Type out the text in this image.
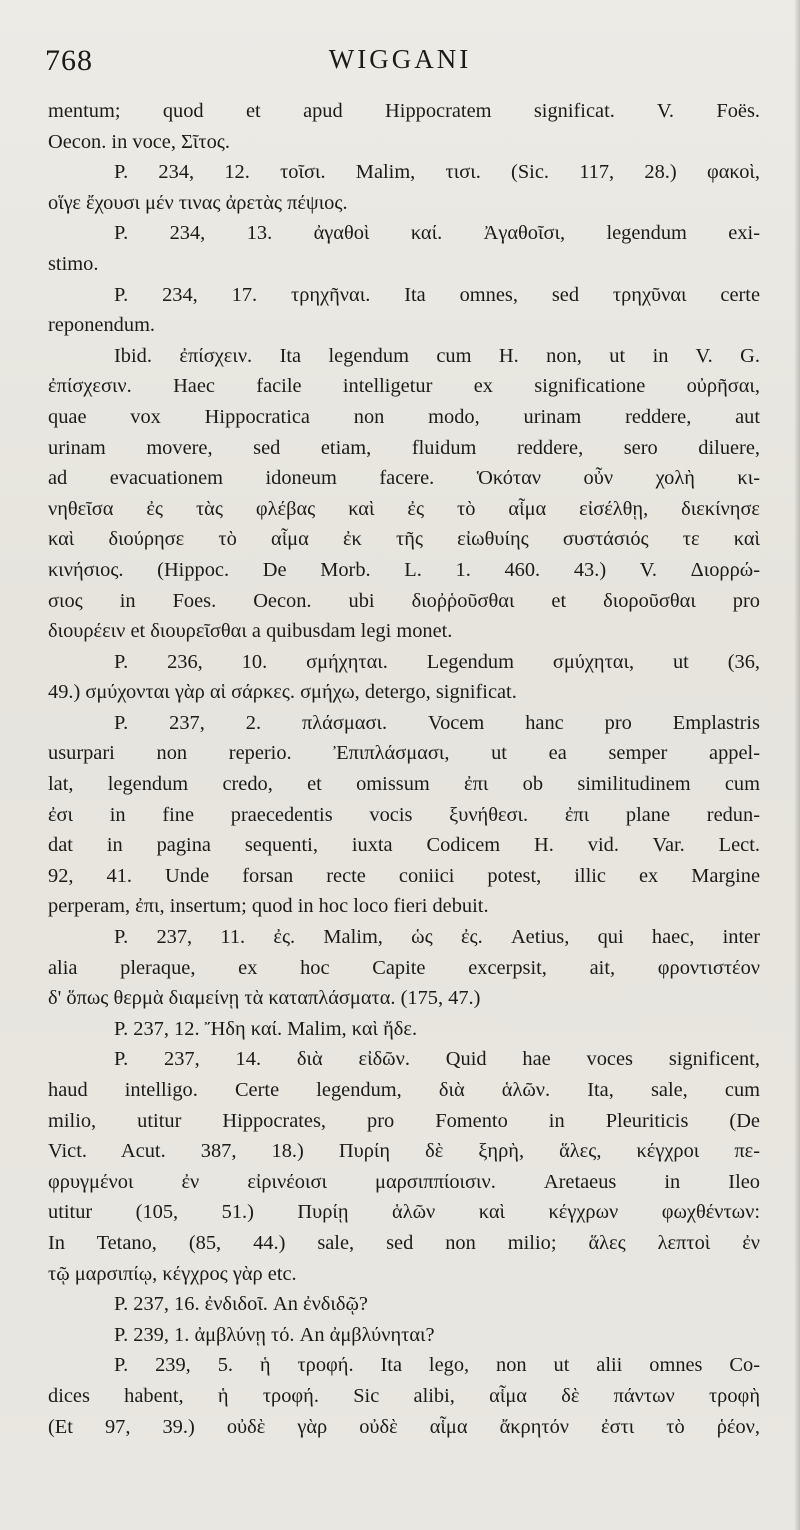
768	WIGGANI
mentum; quod et apud Hippocratem significat. V. Foës.
Oecon. in voce, Σῖτος.
P. 234, 12. τοῖσι. Malim, τισι. (Sic. 117, 28.) φακοὶ,
οἵγε ἔχουσι μέν τινας ἀρετὰς πέψιος.
P. 234, 13. ἀγαθοὶ καί. Ἀγαθοῖσι, legendum exi-
stimo.
P. 234, 17. τρηχῆναι. Ita omnes, sed τρηχῦναι certe
reponendum.
Ibid. ἐπίσχειν. Ita legendum cum H. non, ut in V. G.
ἐπίσχεσιν. Haec facile intelligetur ex significatione οὐρῆσαι,
quae vox Hippocratica non modo, urinam reddere, aut
urinam movere, sed etiam, fluidum reddere, sero diluere,
ad evacuationem idoneum facere. Ὁκόταν οὖν χολὴ κι-
νηθεῖσα ἐς τὰς φλέβας καὶ ἐς τὸ αἷμα εἰσέλθῃ, διεκίνησε
καὶ διούρησε τὸ αἷμα ἐκ τῆς εἰωθυίης συστάσιός τε καὶ
κινήσιος. (Hippoc. De Morb. L. 1. 460. 43.) V. Διορρώ-
σιος in Foes. Oecon. ubi διοῤῥοῦσθαι et διοροῦσθαι pro
διουρέειν et διουρεῖσθαι a quibusdam legi monet.
P. 236, 10. σμήχηται. Legendum σμύχηται, ut (36,
49.) σμύχονται γὰρ αἱ σάρκες. σμήχω, detergo, significat.
P. 237, 2. πλάσμασι. Vocem hanc pro Emplastris
usurpari non reperio. Ἐπιπλάσμασι, ut ea semper appel-
lat, legendum credo, et omissum ἐπι ob similitudinem cum
ἐσι in fine praecedentis vocis ξυνήθεσι. ἐπι plane redun-
dat in pagina sequenti, iuxta Codicem H. vid. Var. Lect.
92, 41. Unde forsan recte coniici potest, illic ex Margine
perperam, ἐπι, insertum; quod in hoc loco fieri debuit.
P. 237, 11. ἐς. Malim, ὡς ἐς. Aetius, qui haec, inter
alia pleraque, ex hoc Capite excerpsit, ait, φροντιστέον
δ' ὅπως θερμὰ διαμείνῃ τὰ καταπλάσματα. (175, 47.)
P. 237, 12. Ἤδη καί. Malim, καὶ ἤδε.
P. 237, 14. διὰ εἰδῶν. Quid hae voces significent,
haud intelligo. Certe legendum, διὰ ἁλῶν. Ita, sale, cum
milio, utitur Hippocrates, pro Fomento in Pleuriticis (De
Vict. Acut. 387, 18.) Πυρίη δὲ ξηρὴ, ἅλες, κέγχροι πε-
φρυγμένοι ἐν εἰρινέοισι μαρσιππίοισιν. Aretaeus in Ileo
utitur (105, 51.) Πυρίῃ ἁλῶν καὶ κέγχρων φωχθέντων:
In Tetano, (85, 44.) sale, sed non milio; ἅλες λεπτοὶ ἐν
τῷ μαρσιπίῳ, κέγχρος γὰρ etc.
P. 237, 16. ἐνδιδοῖ. An ἐνδιδῷ?
P. 239, 1. ἀμβλύνῃ τό. An ἀμβλύνηται?
P. 239, 5. ἡ τροφή. Ita lego, non ut alii omnes Co-
dices habent, ἡ τροφή. Sic alibi, αἷμα δὲ πάντων τροφὴ
(Et 97, 39.) οὐδὲ γὰρ οὐδὲ αἷμα ἄκρητόν ἐστι τὸ ῥέον,
